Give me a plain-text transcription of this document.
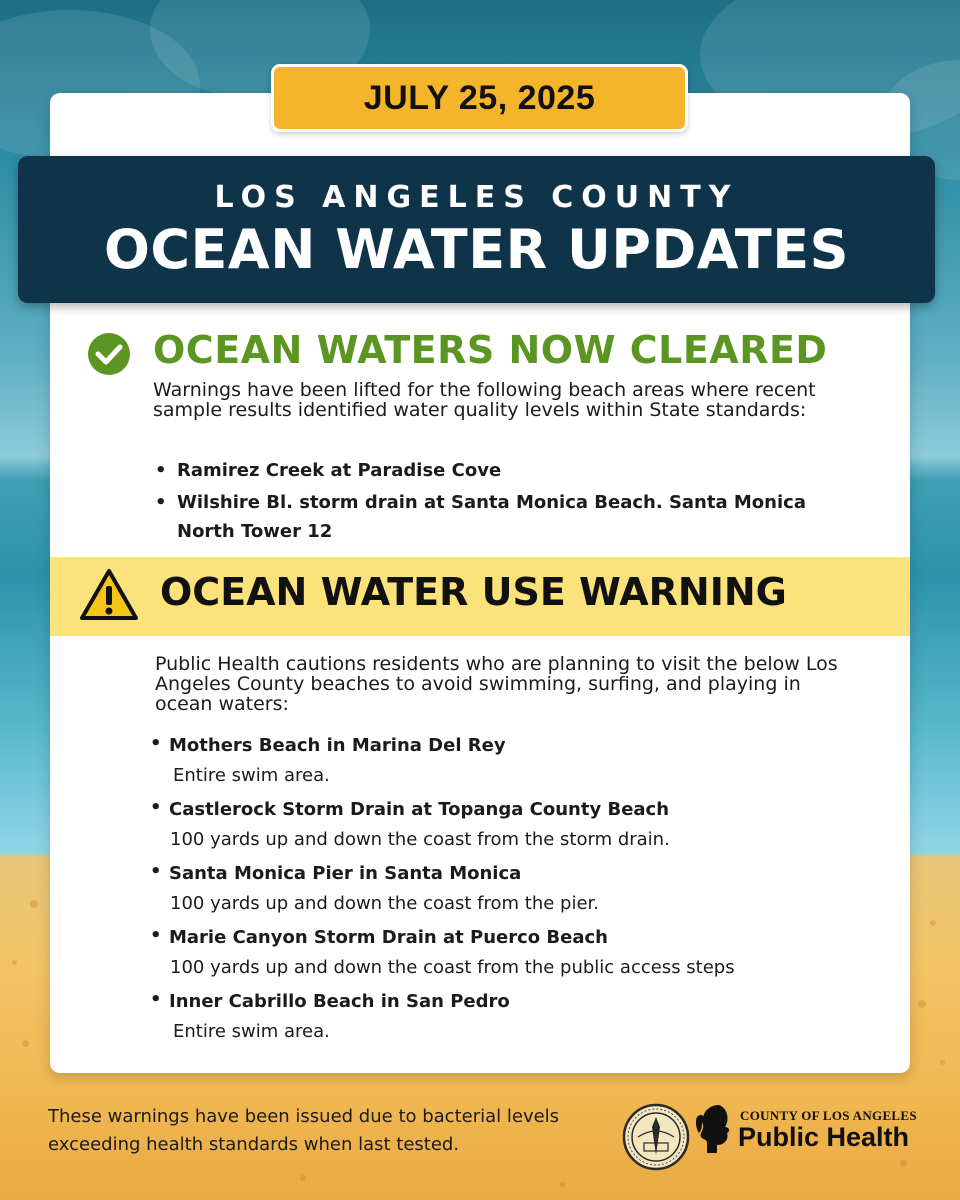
JULY 25, 2025
LOS ANGELES COUNTY
OCEAN WATER UPDATES
OCEAN WATERS NOW CLEARED

Warnings have been lifted for the following beach areas where recent sample results identified water quality levels within State standards:

• Ramirez Creek at Paradise Cove
• Wilshire Bl. storm drain at Santa Monica Beach. Santa Monica North Tower 12
OCEAN WATER USE WARNING

Public Health cautions residents who are planning to visit the below Los Angeles County beaches to avoid swimming, surfing, and playing in ocean waters:

• Mothers Beach in Marina Del Rey
Entire swim area.
• Castlerock Storm Drain at Topanga County Beach
100 yards up and down the coast from the storm drain.
• Santa Monica Pier in Santa Monica
100 yards up and down the coast from the pier.
• Marie Canyon Storm Drain at Puerco Beach
100 yards up and down the coast from the public access steps
• Inner Cabrillo Beach in San Pedro
Entire swim area.

These warnings have been issued due to bacterial levels exceeding health standards when last tested.

COUNTY OF LOS ANGELES
Public Health
